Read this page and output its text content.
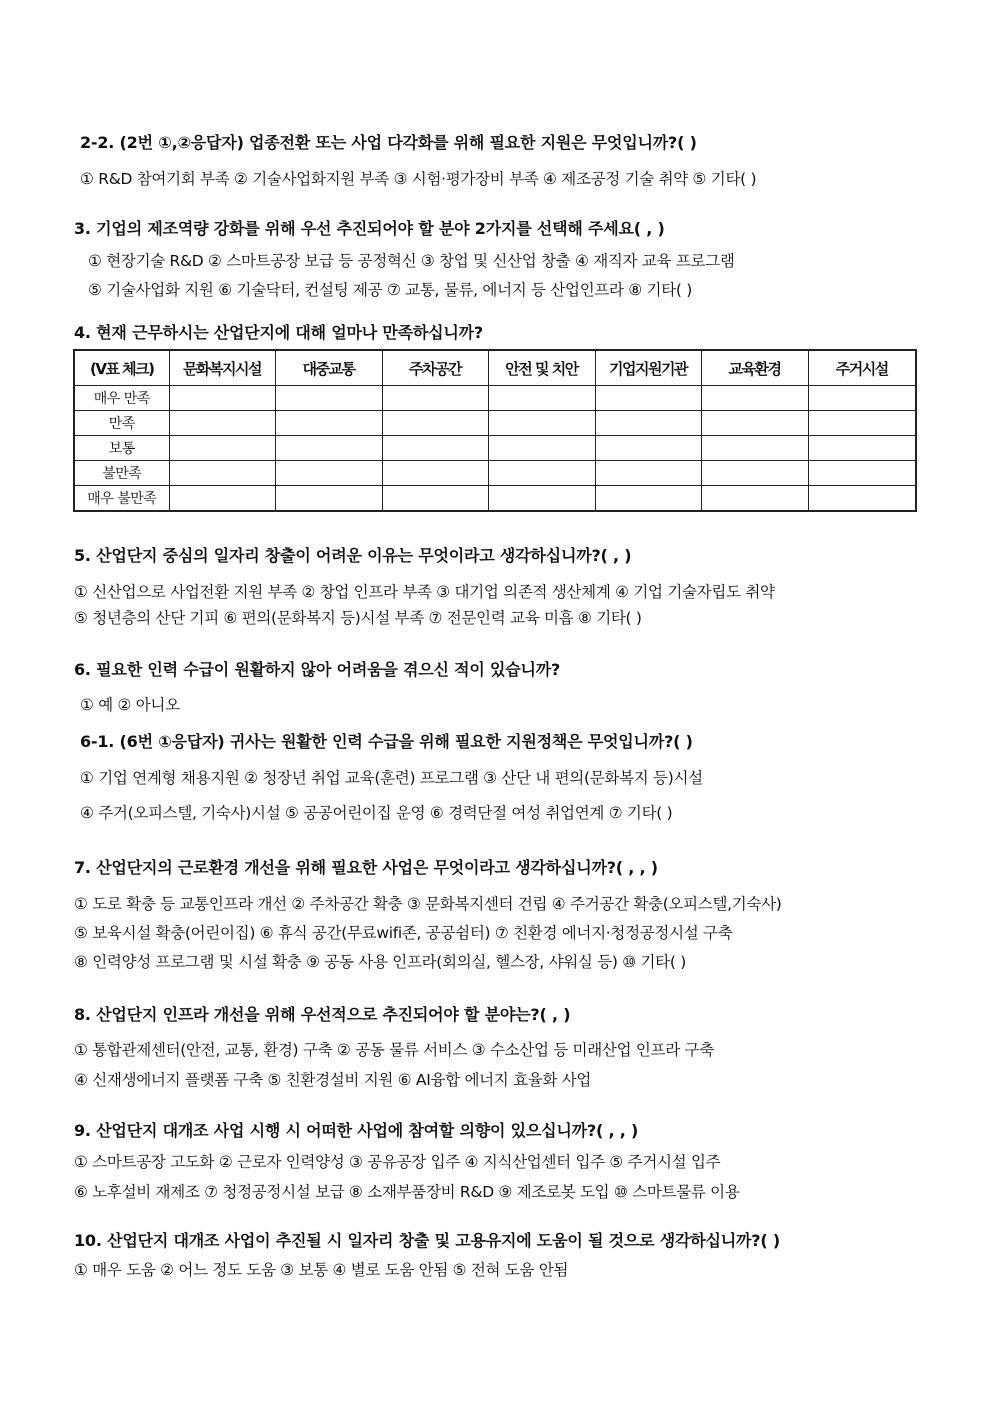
2-2. (2번 ①,②응답자) 업종전환 또는 사업 다각화를 위해 필요한 지원은 무엇입니까?( )
① R&D 참여기회 부족 ② 기술사업화지원 부족 ③ 시험·평가장비 부족 ④ 제조공정 기술 취약 ⑤ 기타( )
3. 기업의 제조역량 강화를 위해 우선 추진되어야 할 분야 2가지를 선택해 주세요( , )
① 현장기술 R&D ② 스마트공장 보급 등 공정혁신 ③ 창업 및 신산업 창출 ④ 재직자 교육 프로그램
⑤ 기술사업화 지원 ⑥ 기술닥터, 컨설팅 제공 ⑦ 교통, 물류, 에너지 등 산업인프라 ⑧ 기타( )
4. 현재 근무하시는 산업단지에 대해 얼마나 만족하십니까?
(V표 체크)	문화복지시설	대중교통	주차공간	안전 및 치안	기업지원기관	교육환경	주거시설
매우 만족							
만족							
보통							
불만족							
매우 불만족							
5. 산업단지 중심의 일자리 창출이 어려운 이유는 무엇이라고 생각하십니까?( , )
① 신산업으로 사업전환 지원 부족 ② 창업 인프라 부족 ③ 대기업 의존적 생산체계 ④ 기업 기술자립도 취약
⑤ 청년층의 산단 기피 ⑥ 편의(문화복지 등)시설 부족 ⑦ 전문인력 교육 미흡 ⑧ 기타( )
6. 필요한 인력 수급이 원활하지 않아 어려움을 겪으신 적이 있습니까?
① 예 ② 아니오
6-1. (6번 ①응답자) 귀사는 원활한 인력 수급을 위해 필요한 지원정책은 무엇입니까?( )
① 기업 연계형 채용지원 ② 청장년 취업 교육(훈련) 프로그램 ③ 산단 내 편의(문화복지 등)시설
④ 주거(오피스텔, 기숙사)시설 ⑤ 공공어린이집 운영 ⑥ 경력단절 여성 취업연계 ⑦ 기타( )
7. 산업단지의 근로환경 개선을 위해 필요한 사업은 무엇이라고 생각하십니까?( , , )
① 도로 확충 등 교통인프라 개선 ② 주차공간 확충 ③ 문화복지센터 건립 ④ 주거공간 확충(오피스텔,기숙사)
⑤ 보육시설 확충(어린이집) ⑥ 휴식 공간(무료wifi존, 공공쉼터) ⑦ 친환경 에너지·청정공정시설 구축
⑧ 인력양성 프로그램 및 시설 확충 ⑨ 공동 사용 인프라(회의실, 헬스장, 샤워실 등) ⑩ 기타( )
8. 산업단지 인프라 개선을 위해 우선적으로 추진되어야 할 분야는?( , )
① 통합관제센터(안전, 교통, 환경) 구축 ② 공동 물류 서비스 ③ 수소산업 등 미래산업 인프라 구축
④ 신재생에너지 플랫폼 구축 ⑤ 친환경설비 지원 ⑥ AI융합 에너지 효율화 사업
9. 산업단지 대개조 사업 시행 시 어떠한 사업에 참여할 의향이 있으십니까?( , , )
① 스마트공장 고도화 ② 근로자 인력양성 ③ 공유공장 입주 ④ 지식산업센터 입주 ⑤ 주거시설 입주
⑥ 노후설비 재제조 ⑦ 청정공정시설 보급 ⑧ 소재부품장비 R&D ⑨ 제조로봇 도입 ⑩ 스마트물류 이용
10. 산업단지 대개조 사업이 추진될 시 일자리 창출 및 고용유지에 도움이 될 것으로 생각하십니까?( )
① 매우 도움 ② 어느 정도 도움 ③ 보통 ④ 별로 도움 안됨 ⑤ 전혀 도움 안됨
